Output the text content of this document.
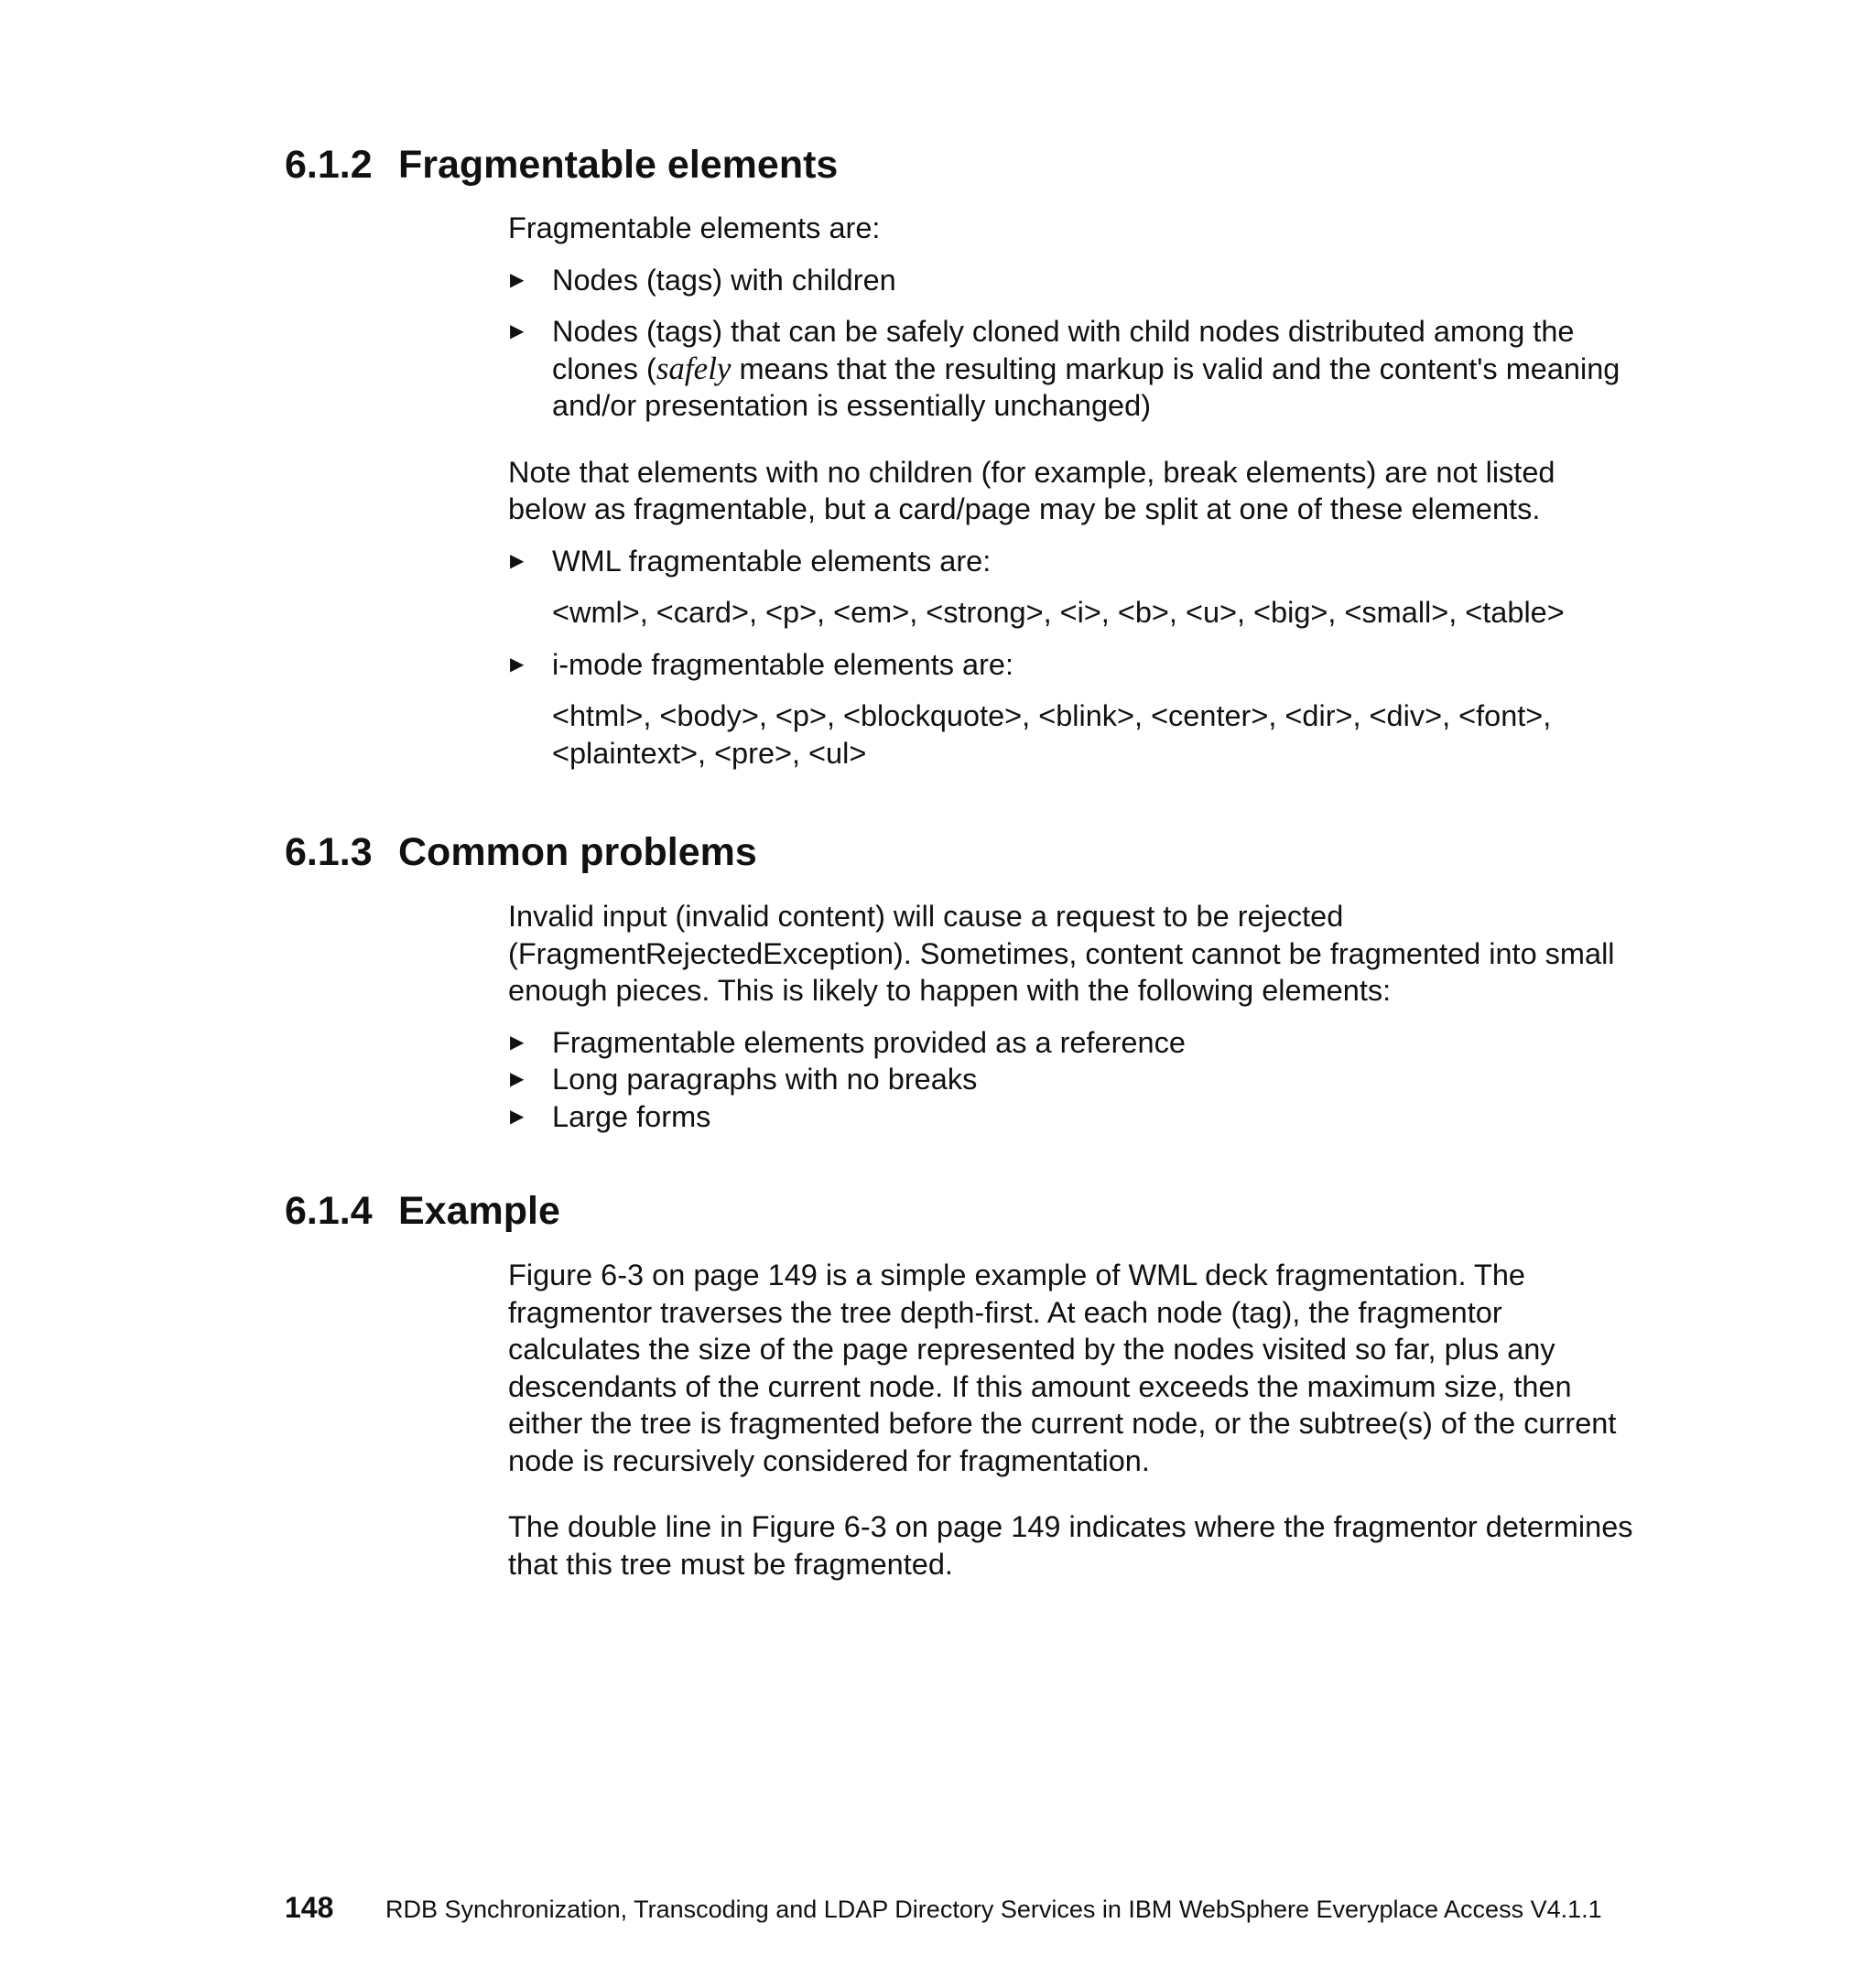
6.1.2 Fragmentable elements

Fragmentable elements are:

▶ Nodes (tags) with children
▶ Nodes (tags) that can be safely cloned with child nodes distributed among the clones (safely means that the resulting markup is valid and the content's meaning and/or presentation is essentially unchanged)

Note that elements with no children (for example, break elements) are not listed below as fragmentable, but a card/page may be split at one of these elements.

▶ WML fragmentable elements are:

<wml>, <card>, <p>, <em>, <strong>, <i>, <b>, <u>, <big>, <small>, <table>

▶ i-mode fragmentable elements are:

<html>, <body>, <p>, <blockquote>, <blink>, <center>, <dir>, <div>, <font>,

<plaintext>, <pre>, <ul>

6.1.3 Common problems

Invalid input (invalid content) will cause a request to be rejected (FragmentRejectedException). Sometimes, content cannot be fragmented into small enough pieces. This is likely to happen with the following elements:

▶ Fragmentable elements provided as a reference
▶ Long paragraphs with no breaks
▶ Large forms
6.1.4 Example

Figure 6-3 on page 149 is a simple example of WML deck fragmentation. The fragmentor traverses the tree depth-first. At each node (tag), the fragmentor calculates the size of the page represented by the nodes visited so far, plus any descendants of the current node. If this amount exceeds the maximum size, then either the tree is fragmented before the current node, or the subtree(s) of the current node is recursively considered for fragmentation.

The double line in Figure 6-3 on page 149 indicates where the fragmentor determines that this tree must be fragmented.

148 RDB Synchronization, Transcoding and LDAP Directory Services in IBM WebSphere Everyplace Access V4.1.1
